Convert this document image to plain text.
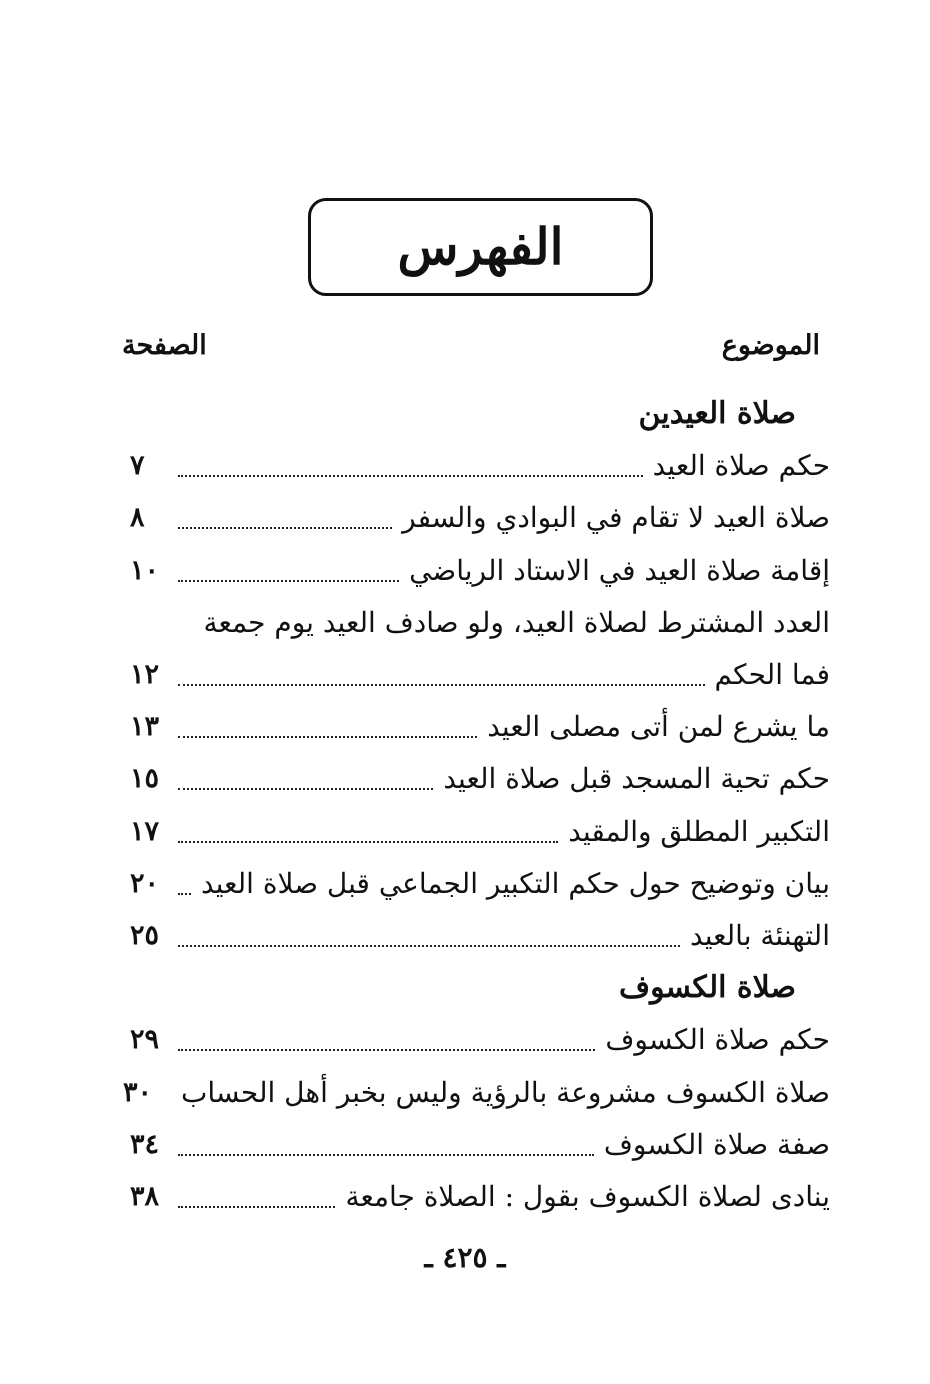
الفهرس
الموضوع
الصفحة
صلاة العيدين
حكم صلاة العيد
٧
صلاة العيد لا تقام في البوادي والسفر
٨
إقامة صلاة العيد في الاستاد الرياضي
١٠
العدد المشترط لصلاة العيد، ولو صادف العيد يوم جمعة
فما الحكم
١٢
ما يشرع لمن أتى مصلى العيد
١٣
حكم تحية المسجد قبل صلاة العيد
١٥
التكبير المطلق والمقيد
١٧
بيان وتوضيح حول حكم التكبير الجماعي قبل صلاة العيد
٢٠
التهنئة بالعيد
٢٥
صلاة الكسوف
حكم صلاة الكسوف
٢٩
صلاة الكسوف مشروعة بالرؤية وليس بخبر أهل الحساب
٣٠
صفة صلاة الكسوف
٣٤
ينادى لصلاة الكسوف بقول : الصلاة جامعة
٣٨
ـ ٤٢٥ ـ
